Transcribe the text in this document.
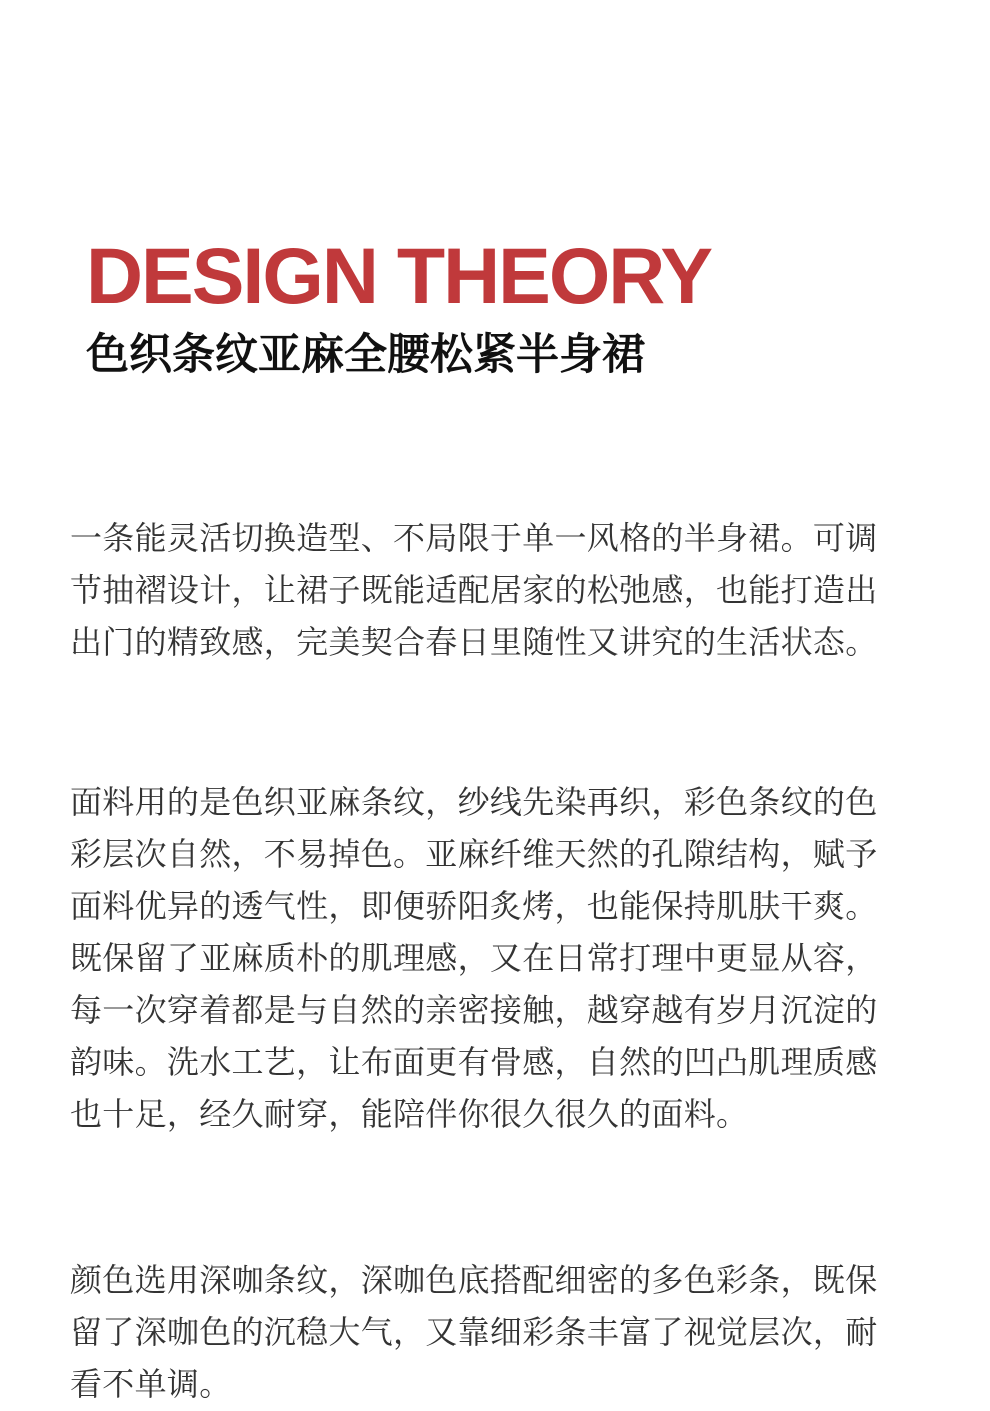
DESIGN THEORY
色织条纹亚麻全腰松紧半身裙
一条能灵活切换造型、不局限于单一风格的半身裙。可调
节抽褶设计，让裙子既能适配居家的松弛感，也能打造出
出门的精致感，完美契合春日里随性又讲究的生活状态。
面料用的是色织亚麻条纹，纱线先染再织，彩色条纹的色
彩层次自然，不易掉色。亚麻纤维天然的孔隙结构，赋予
面料优异的透气性，即便骄阳炙烤，也能保持肌肤干爽。
既保留了亚麻质朴的肌理感，又在日常打理中更显从容，
每一次穿着都是与自然的亲密接触，越穿越有岁月沉淀的
韵味。洗水工艺，让布面更有骨感，自然的凹凸肌理质感
也十足，经久耐穿，能陪伴你很久很久的面料。
颜色选用深咖条纹，深咖色底搭配细密的多色彩条，既保
留了深咖色的沉稳大气，又靠细彩条丰富了视觉层次，耐
看不单调。
